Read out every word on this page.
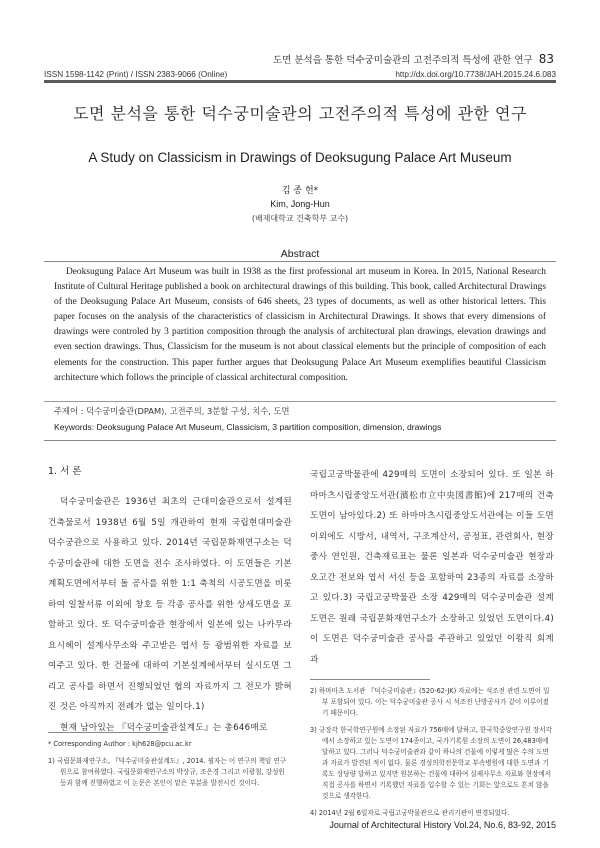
도면 분석을 통한 덕수궁미술관의 고전주의적 특성에 관한 연구 83
ISSN 1598-1142 (Print) / ISSN 2383-9066 (Online)	http://dx.doi.org/10.7738/JAH.2015.24.6.083
도면 분석을 통한 덕수궁미술관의 고전주의적 특성에 관한 연구
A Study on Classicism in Drawings of Deoksugung Palace Art Museum
김 종 헌*
Kim, Jong-Hun
(배재대학교 건축학부 교수)
Abstract
Deoksugung Palace Art Museum was built in 1938 as the first professional art museum in Korea. In 2015, National Research Institute of Cultural Heritage published a book on architectural drawings of this building. This book, called Architectural Drawings of the Deoksugung Palace Art Museum, consists of 646 sheets, 23 types of documents, as well as other historical letters. This paper focuses on the analysis of the characteristics of classicism in Architectural Drawings. It shows that every dimensions of drawings were controled by 3 partition composition through the analysis of architectural plan drawings, elevation drawings and even section drawings. Thus, Classicism for the museum is not about classical elements but the principle of composition of each elements for the construction. This paper further argues that Deoksugung Palace Art Museum exemplifies beautiful Classicism architecture which follows the principle of classical architectural composition.
주제어 : 덕수궁미술관(DPAM), 고전주의, 3분할 구성, 치수, 도면
Keywords: Deoksugung Palace Art Museum, Classicism, 3 partition composition, dimension, drawings
1. 서 론

덕수궁미술관은 1936년 최초의 근대미술관으로서 설계된 건축물로서 1938년 6월 5일 개관하여 현재 국립현대미술관 덕수궁관으로 사용하고 있다. 2014년 국립문화재연구소는 덕수궁미술관에 대한 도면을 전수 조사하였다. 이 도면들은 기본계획도면에서부터 돌 공사를 위한 1:1 축척의 시공도면을 비롯하여 일찰서류 이외에 창호 등 각종 공사를 위한 상세도면을 포함하고 있다. 또 덕수궁미술관 현장에서 일본에 있는 나카무라 요시헤이 설계사무소와 주고받은 엽서 등 광범위한 자료를 보여주고 있다. 한 건물에 대하여 기본설계에서부터 실시도면 그리고 공사를 하면서 진행되었던 협의 자료까지 그 전모가 밝혀진 것은 아직까지 전례가 없는 일이다.1)

현재 남아있는 『덕수궁미술관설계도』는 총646매로

국립고궁박물관에 429매의 도면이 소장되어 있다. 또 일본 하마마츠시립중앙도서관(濱松市立中央図書館)에 217매의 건축도면이 남아있다.2) 또 하마마츠시립중앙도서관에는 이들 도면 이외에도 시방서, 내역서, 구조계산서, 공정표, 관련회사, 현장 중사 연인원, 건축재료표는 물론 일본과 덕수궁미술관 현장과 오고간 전보와 엽서 서신 등을 포함하여 23종의 자료를 소장하고 있다.3) 국립고궁박물관 소장 429매의 덕수궁미술관 설계도면은 원래 국립문화재연구소가 소장하고 있었던 도면이다.4) 이 도면은 덕수궁미술관 공사를 주관하고 있었던 이왕직 회계과

2) 하마마츠 도서관 『덕수궁미술관』(520-62-JK) 자료에는 석조전 관련 도면이 일부 포함되어 있다. 이는 덕수궁미술관 공사 시 석조전 난방공사가 같이 이루어졌기 때문이다.

3) 규장각 한국학연구원에 소장된 자료가 756매에 달하고, 한국학중앙연구원 장서각에서 소장하고 있는 도면이 174종이고, 국가기록원 소장의 도면이 26,483매에 달하고 있다. 그러나 덕수궁미술관과 같이 하나의 건물에 이렇게 많은 수의 도면과 자료가 발견된 적이 없다. 물론 경성의학전문학교 부속병원에 대한 도면과 기록도 상당량 달하고 있지만 원본하는 건물에 대하여 실제사무소 자료와 현장에서 직접 공사를 하면서 기록했던 자료를 입수할 수 있는 기회는 앞으로도 흔치 않을 것으로 생각한다.

4) 2014년 2월 6일자로 국립고궁박물관으로 관리기관이 변경되었다.

* Corresponding Author : kjh628@pcu.ac.kr

1) 국립문화재연구소, 『덕수궁미술관설계도』, 2014. 필자는 이 연구의 책임 연구원으로 참여하였다. 국립문화재연구소의 박상규, 조은경 그리고 이광철, 강성원 등과 함께 진행하였고 이 논문은 본인이 맡은 부분을 발전시킨 것이다.

Journal of Architectural History Vol.24, No.6, 83-92, 2015
